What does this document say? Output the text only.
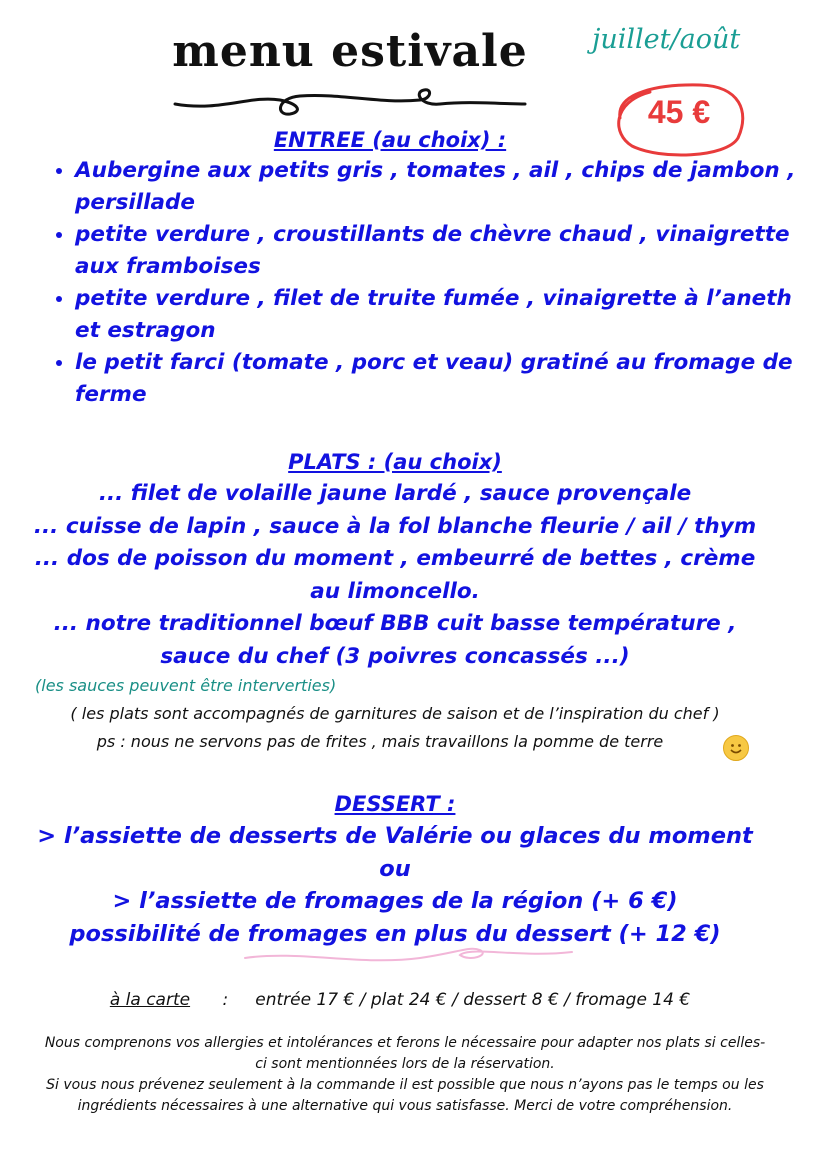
menu estivale	juillet/août
45 €
ENTREE (au choix) :
• Aubergine aux petits gris , tomates , ail , chips de jambon , persillade
• petite verdure , croustillants de chèvre chaud , vinaigrette aux framboises
• petite verdure , filet de truite fumée , vinaigrette à l’aneth et estragon
• le petit farci (tomate , porc et veau) gratiné au fromage de ferme
PLATS : (au choix)
... filet de volaille jaune lardé , sauce provençale
... cuisse de lapin , sauce à la fol blanche fleurie / ail / thym
... dos de poisson du moment , embeurré de bettes , crème au limoncello.
... notre traditionnel bœuf BBB cuit basse température , sauce du chef (3 poivres concassés ...)
(les sauces peuvent être interverties)
( les plats sont accompagnés de garnitures de saison et de l’inspiration du chef )
ps : nous ne servons pas de frites , mais travaillons la pomme de terre
DESSERT :
> l’assiette de desserts de Valérie ou glaces du moment
ou
> l’assiette de fromages de la région (+ 6 €)
possibilité de fromages en plus du dessert (+ 12 €)
à la carte      :     entrée 17 € / plat 24 € / dessert 8 € / fromage 14 €
Nous comprenons vos allergies et intolérances et ferons le nécessaire pour adapter nos plats si celles-ci sont mentionnées lors de la réservation.
Si vous nous prévenez seulement à la commande il est possible que nous n’ayons pas le temps ou les ingrédients nécessaires à une alternative qui vous satisfasse. Merci de votre compréhension.
